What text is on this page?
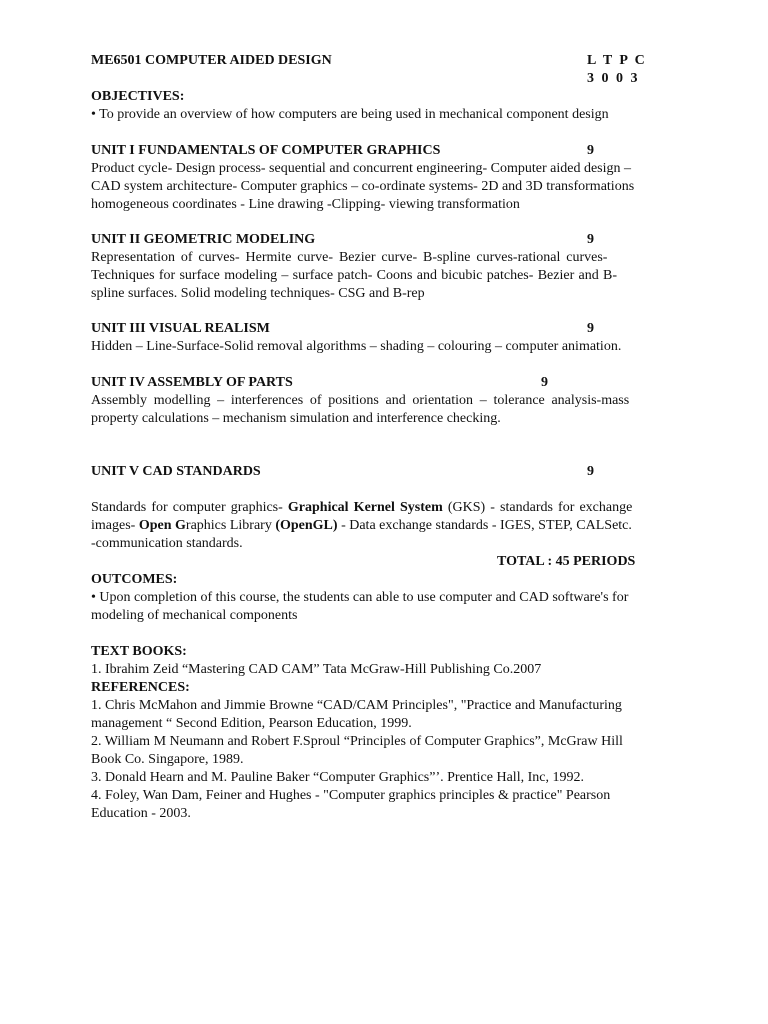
ME6501 COMPUTER AIDED DESIGN	L T P C
3 0 0 3
OBJECTIVES:
• To provide an overview of how computers are being used in mechanical component design
UNIT I FUNDAMENTALS OF COMPUTER GRAPHICS	9
Product cycle- Design process- sequential and concurrent engineering- Computer aided design –
CAD system architecture- Computer graphics – co-ordinate systems- 2D and 3D transformations
homogeneous coordinates - Line drawing -Clipping- viewing transformation
UNIT II GEOMETRIC MODELING	9
Representation of curves- Hermite curve- Bezier curve- B-spline curves-rational curves-
Techniques for surface modeling – surface patch- Coons and bicubic patches- Bezier and B-
spline surfaces. Solid modeling techniques- CSG and B-rep
UNIT III VISUAL REALISM	9
Hidden – Line-Surface-Solid removal algorithms – shading – colouring – computer animation.
UNIT IV ASSEMBLY OF PARTS	9
Assembly modelling – interferences of positions and orientation – tolerance analysis-mass
property calculations – mechanism simulation and interference checking.
UNIT V CAD STANDARDS	9
Standards for computer graphics- Graphical Kernel System (GKS) - standards for exchange
images- Open Graphics Library (OpenGL) - Data exchange standards - IGES, STEP, CALSetc.
-communication standards.
TOTAL : 45 PERIODS
OUTCOMES:
• Upon completion of this course, the students can able to use computer and CAD software's for
modeling of mechanical components
TEXT BOOKS:
1. Ibrahim Zeid “Mastering CAD CAM” Tata McGraw-Hill Publishing Co.2007
REFERENCES:
1. Chris McMahon and Jimmie Browne “CAD/CAM Principles", "Practice and Manufacturing
management “ Second Edition, Pearson Education, 1999.
2. William M Neumann and Robert F.Sproul “Principles of Computer Graphics”, McGraw Hill
Book Co. Singapore, 1989.
3. Donald Hearn and M. Pauline Baker “Computer Graphics”’. Prentice Hall, Inc, 1992.
4. Foley, Wan Dam, Feiner and Hughes - "Computer graphics principles & practice" Pearson
Education - 2003.
